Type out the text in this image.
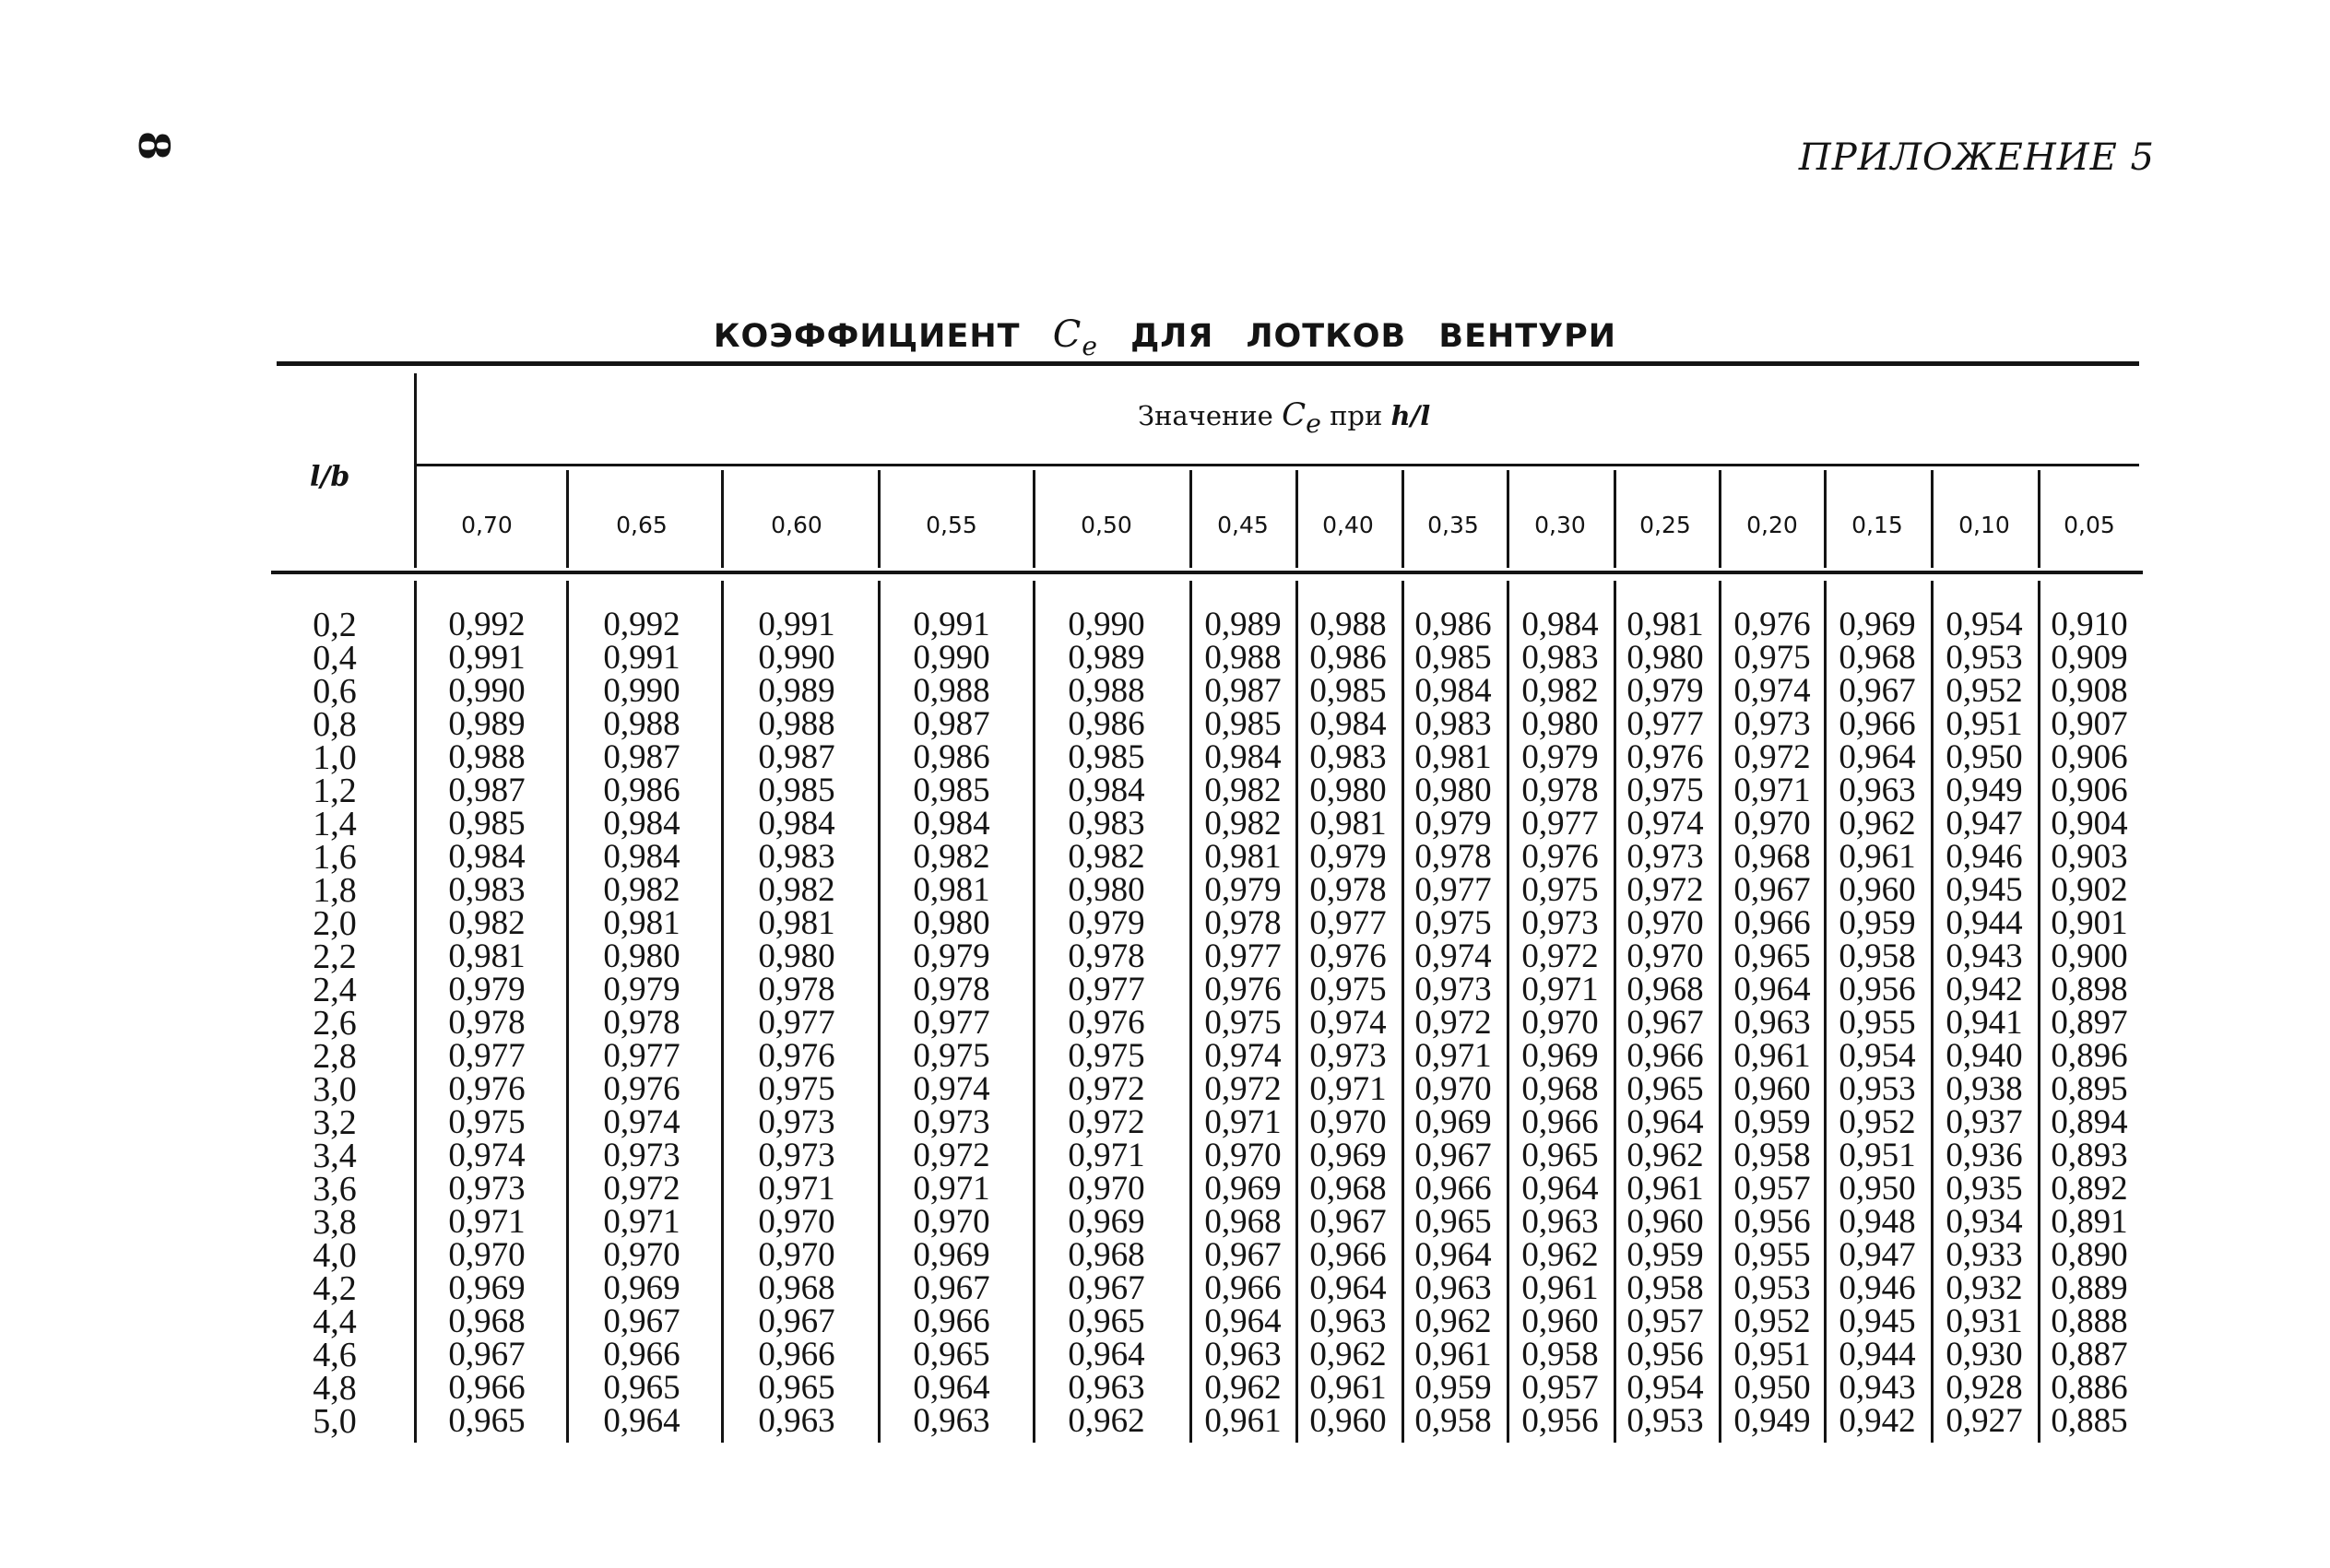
8	ПРИЛОЖЕНИЕ 5
КОЭФФИЦИЕНТ $C_e$ ДЛЯ ЛОТКОВ ВЕНТУРИ
l/b
Значение $C_e$ при h/l
0,70	0,65	0,60	0,55	0,50	0,45	0,40	0,35	0,30	0,25	0,20	0,15	0,10	0,05
0,2	0,992	0,992	0,991	0,991	0,990	0,989 0,988 0,986 0,984 0,981 0,976 0,969 0,954 0,910
0,4	0,991	0,991	0,990	0,990	0,989	0,988 0,986 0,985 0,983 0,980 0,975 0,968 0,953 0,909
0,6	0,990	0,990	0,989	0,988	0,988	0,987 0,985 0,984 0,982 0,979 0,974 0,967 0,952 0,908
0,8	0,989	0,988	0,988	0,987	0,986	0,985 0,984 0,983 0,980 0,977 0,973 0,966 0,951 0,907
1,0	0,988	0,987	0,987	0,986	0,985	0,984 0,983 0,981 0,979 0,976 0,972 0,964 0,950 0,906
1,2	0,987	0,986	0,985	0,985	0,984	0,982 0,980 0,980 0,978 0,975 0,971 0,963 0,949 0,906
1,4	0,985	0,984	0,984	0,984	0,983	0,982 0,981 0,979 0,977 0,974 0,970 0,962 0,947 0,904
1,6	0,984	0,984	0,983	0,982	0,982	0,981 0,979 0,978 0,976 0,973 0,968 0,961 0,946 0,903
1,8	0,983	0,982	0,982	0,981	0,980	0,979 0,978 0,977 0,975 0,972 0,967 0,960 0,945 0,902
2,0	0,982	0,981	0,981	0,980	0,979	0,978 0,977 0,975 0,973 0,970 0,966 0,959 0,944 0,901
2,2	0,981	0,980	0,980	0,979	0,978	0,977 0,976 0,974 0,972 0,970 0,965 0,958 0,943 0,900
2,4	0,979	0,979	0,978	0,978	0,977	0,976 0,975 0,973 0,971 0,968 0,964 0,956 0,942 0,898
2,6	0,978	0,978	0,977	0,977	0,976	0,975 0,974 0,972 0,970 0,967 0,963 0,955 0,941 0,897
2,8	0,977	0,977	0,976	0,975	0,975	0,974 0,973 0,971 0,969 0,966 0,961 0,954 0,940 0,896
3,0	0,976	0,976	0,975	0,974	0,972	0,972 0,971 0,970 0,968 0,965 0,960 0,953 0,938 0,895
3,2	0,975	0,974	0,973	0,973	0,972	0,971 0,970 0,969 0,966 0,964 0,959 0,952 0,937 0,894
3,4	0,974	0,973	0,973	0,972	0,971	0,970 0,969 0,967 0,965 0,962 0,958 0,951 0,936 0,893
3,6	0,973	0,972	0,971	0,971	0,970	0,969 0,968 0,966 0,964 0,961 0,957 0,950 0,935 0,892
3,8	0,971	0,971	0,970	0,970	0,969	0,968 0,967 0,965 0,963 0,960 0,956 0,948 0,934 0,891
4,0	0,970	0,970	0,970	0,969	0,968	0,967 0,966 0,964 0,962 0,959 0,955 0,947 0,933 0,890
4,2	0,969	0,969	0,968	0,967	0,967	0,966 0,964 0,963 0,961 0,958 0,953 0,946 0,932 0,889
4,4	0,968	0,967	0,967	0,966	0,965	0,964 0,963 0,962 0,960 0,957 0,952 0,945 0,931 0,888
4,6	0,967	0,966	0,966	0,965	0,964	0,963 0,962 0,961 0,958 0,956 0,951 0,944 0,930 0,887
4,8	0,966	0,965	0,965	0,964	0,963	0,962 0,961 0,959 0,957 0,954 0,950 0,943 0,928 0,886
5,0	0,965	0,964	0,963	0,963	0,962	0,961 0,960 0,958 0,956 0,953 0,949 0,942 0,927 0,885
